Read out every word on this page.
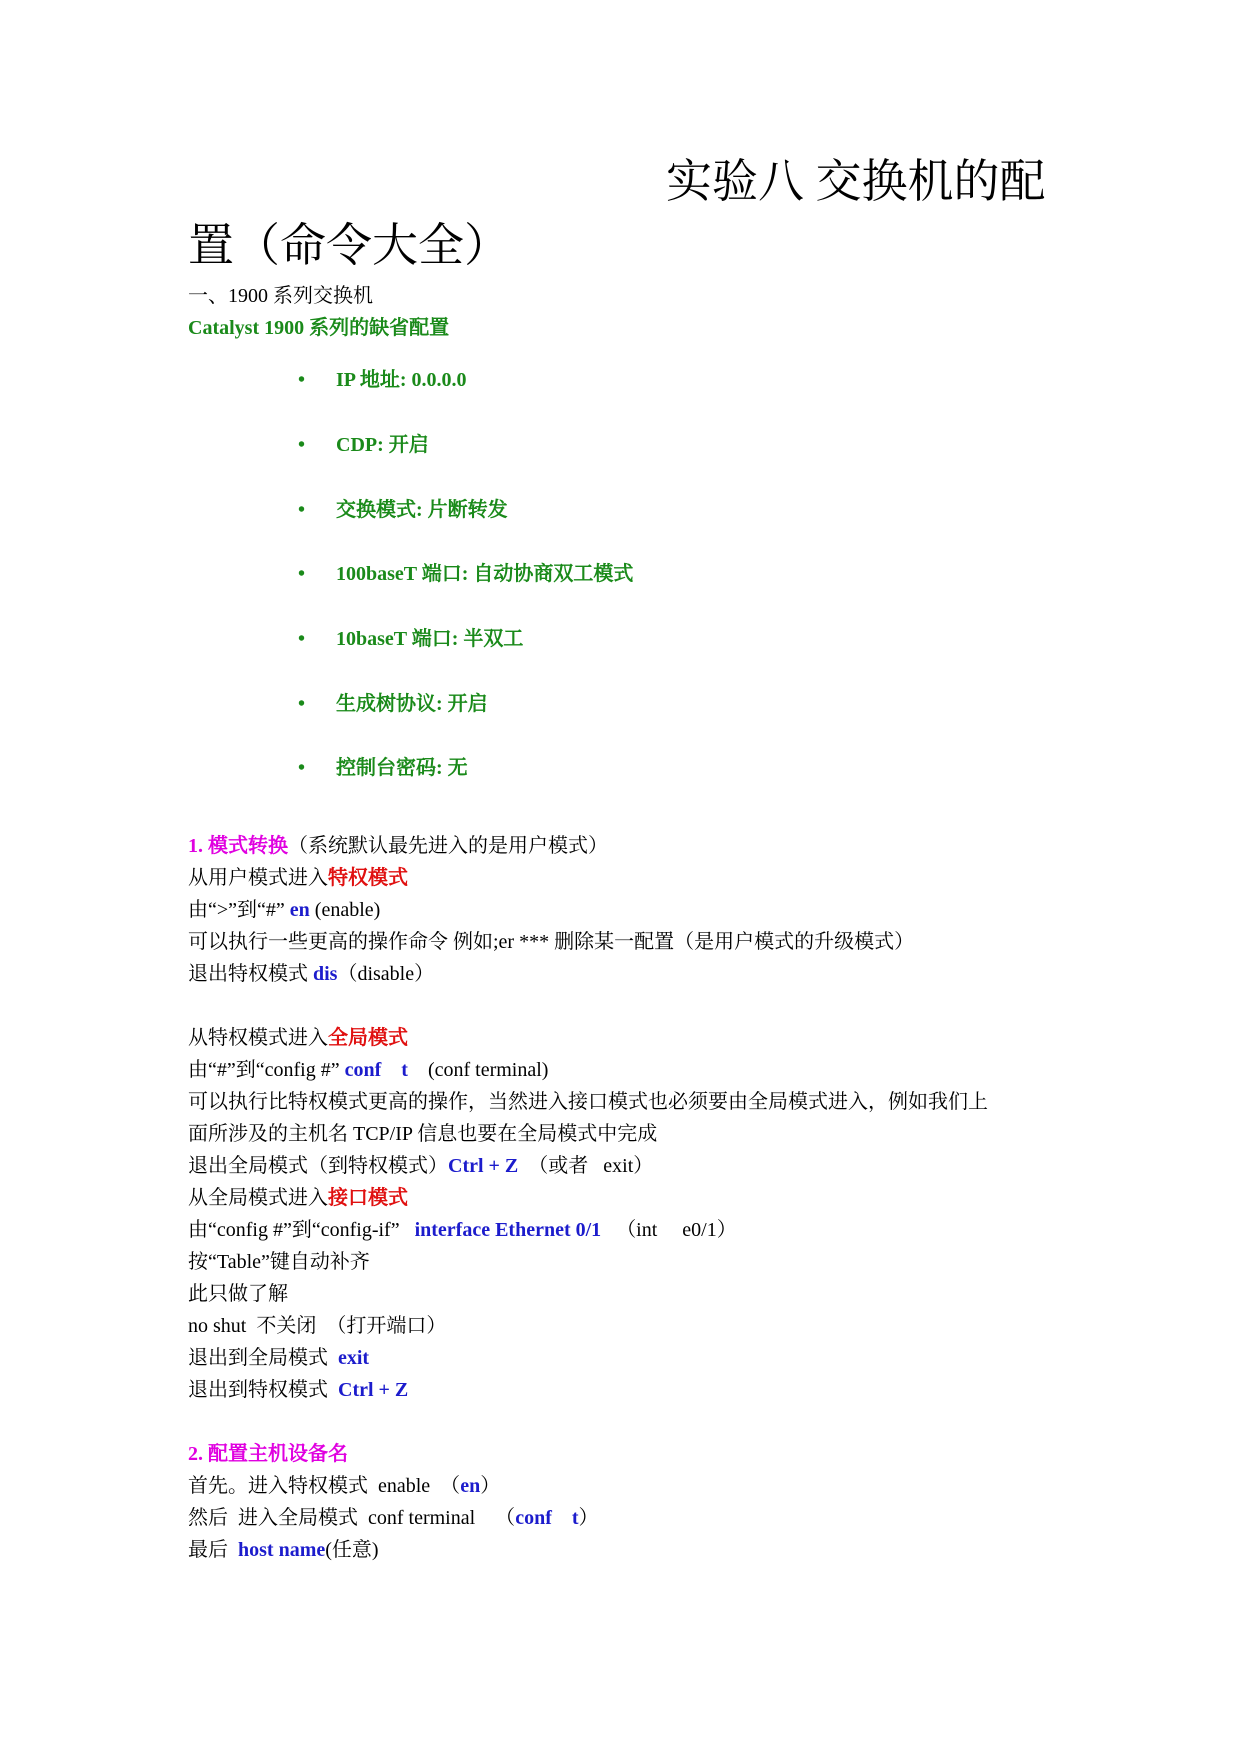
实验八 交换机的配
置（命令大全）
一、1900 系列交换机
Catalyst 1900 系列的缺省配置
• IP 地址: 0.0.0.0
• CDP: 开启
• 交换模式: 片断转发
• 100baseT 端口: 自动协商双工模式
• 10baseT 端口: 半双工
• 生成树协议: 开启
• 控制台密码: 无
1. 模式转换（系统默认最先进入的是用户模式）
从用户模式进入特权模式
由“>”到“#” en (enable)
可以执行一些更高的操作命令 例如;er *** 删除某一配置（是用户模式的升级模式）
退出特权模式 dis（disable）
从特权模式进入全局模式
由“#”到“config #” conf    t    (conf terminal)
可以执行比特权模式更高的操作，当然进入接口模式也必须要由全局模式进入，例如我们上
面所涉及的主机名 TCP/IP 信息也要在全局模式中完成
退出全局模式（到特权模式）Ctrl + Z  （或者   exit）
从全局模式进入接口模式
由“config #”到“config-if”   interface Ethernet 0/1   （int     e0/1）
按“Table”键自动补齐
此只做了解
no shut  不关闭  （打开端口）
退出到全局模式  exit
退出到特权模式  Ctrl + Z
2. 配置主机设备名
首先。进入特权模式  enable  （en）
然后  进入全局模式  conf terminal    （conf    t）
最后  host name(任意)
